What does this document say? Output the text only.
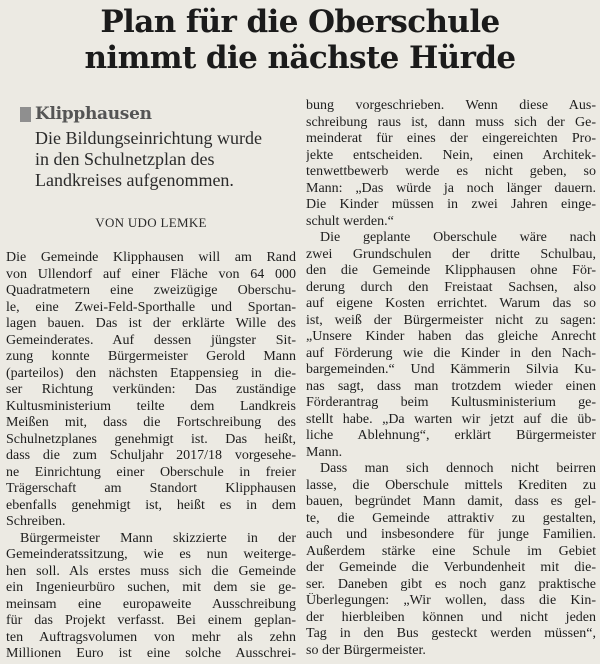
Plan für die Oberschule
nimmt die nächste Hürde
Klipphausen
Die Bildungseinrichtung wurde
in den Schulnetzplan des
Landkreises aufgenommen.
VON UDO LEMKE
Die Gemeinde Klipphausen will am Rand
von Ullendorf auf einer Fläche von 64 000
Quadratmetern eine zweizügige Oberschu-
le, eine Zwei-Feld-Sporthalle und Sportan-
lagen bauen. Das ist der erklärte Wille des
Gemeinderates. Auf dessen jüngster Sit-
zung konnte Bürgermeister Gerold Mann
(parteilos) den nächsten Etappensieg in die-
ser Richtung verkünden: Das zuständige
Kultusministerium teilte dem Landkreis
Meißen mit, dass die Fortschreibung des
Schulnetzplanes genehmigt ist. Das heißt,
dass die zum Schuljahr 2017/18 vorgesehe-
ne Einrichtung einer Oberschule in freier
Trägerschaft am Standort Klipphausen
ebenfalls genehmigt ist, heißt es in dem
Schreiben.
Bürgermeister Mann skizzierte in der
Gemeinderatssitzung, wie es nun weiterge-
hen soll. Als erstes muss sich die Gemeinde
ein Ingenieurbüro suchen, mit dem sie ge-
meinsam eine europaweite Ausschreibung
für das Projekt verfasst. Bei einem geplan-
ten Auftragsvolumen von mehr als zehn
Millionen Euro ist eine solche Ausschrei-
bung vorgeschrieben. Wenn diese Aus-
schreibung raus ist, dann muss sich der Ge-
meinderat für eines der eingereichten Pro-
jekte entscheiden. Nein, einen Architek-
tenwettbewerb werde es nicht geben, so
Mann: „Das würde ja noch länger dauern.
Die Kinder müssen in zwei Jahren einge-
schult werden.“
Die geplante Oberschule wäre nach
zwei Grundschulen der dritte Schulbau,
den die Gemeinde Klipphausen ohne För-
derung durch den Freistaat Sachsen, also
auf eigene Kosten errichtet. Warum das so
ist, weiß der Bürgermeister nicht zu sagen:
„Unsere Kinder haben das gleiche Anrecht
auf Förderung wie die Kinder in den Nach-
bargemeinden.“ Und Kämmerin Silvia Ku-
nas sagt, dass man trotzdem wieder einen
Förderantrag beim Kultusministerium ge-
stellt habe. „Da warten wir jetzt auf die üb-
liche Ablehnung“, erklärt Bürgermeister
Mann.
Dass man sich dennoch nicht beirren
lasse, die Oberschule mittels Krediten zu
bauen, begründet Mann damit, dass es gel-
te, die Gemeinde attraktiv zu gestalten,
auch und insbesondere für junge Familien.
Außerdem stärke eine Schule im Gebiet
der Gemeinde die Verbundenheit mit die-
ser. Daneben gibt es noch ganz praktische
Überlegungen: „Wir wollen, dass die Kin-
der hierbleiben können und nicht jeden
Tag in den Bus gesteckt werden müssen“,
so der Bürgermeister.
